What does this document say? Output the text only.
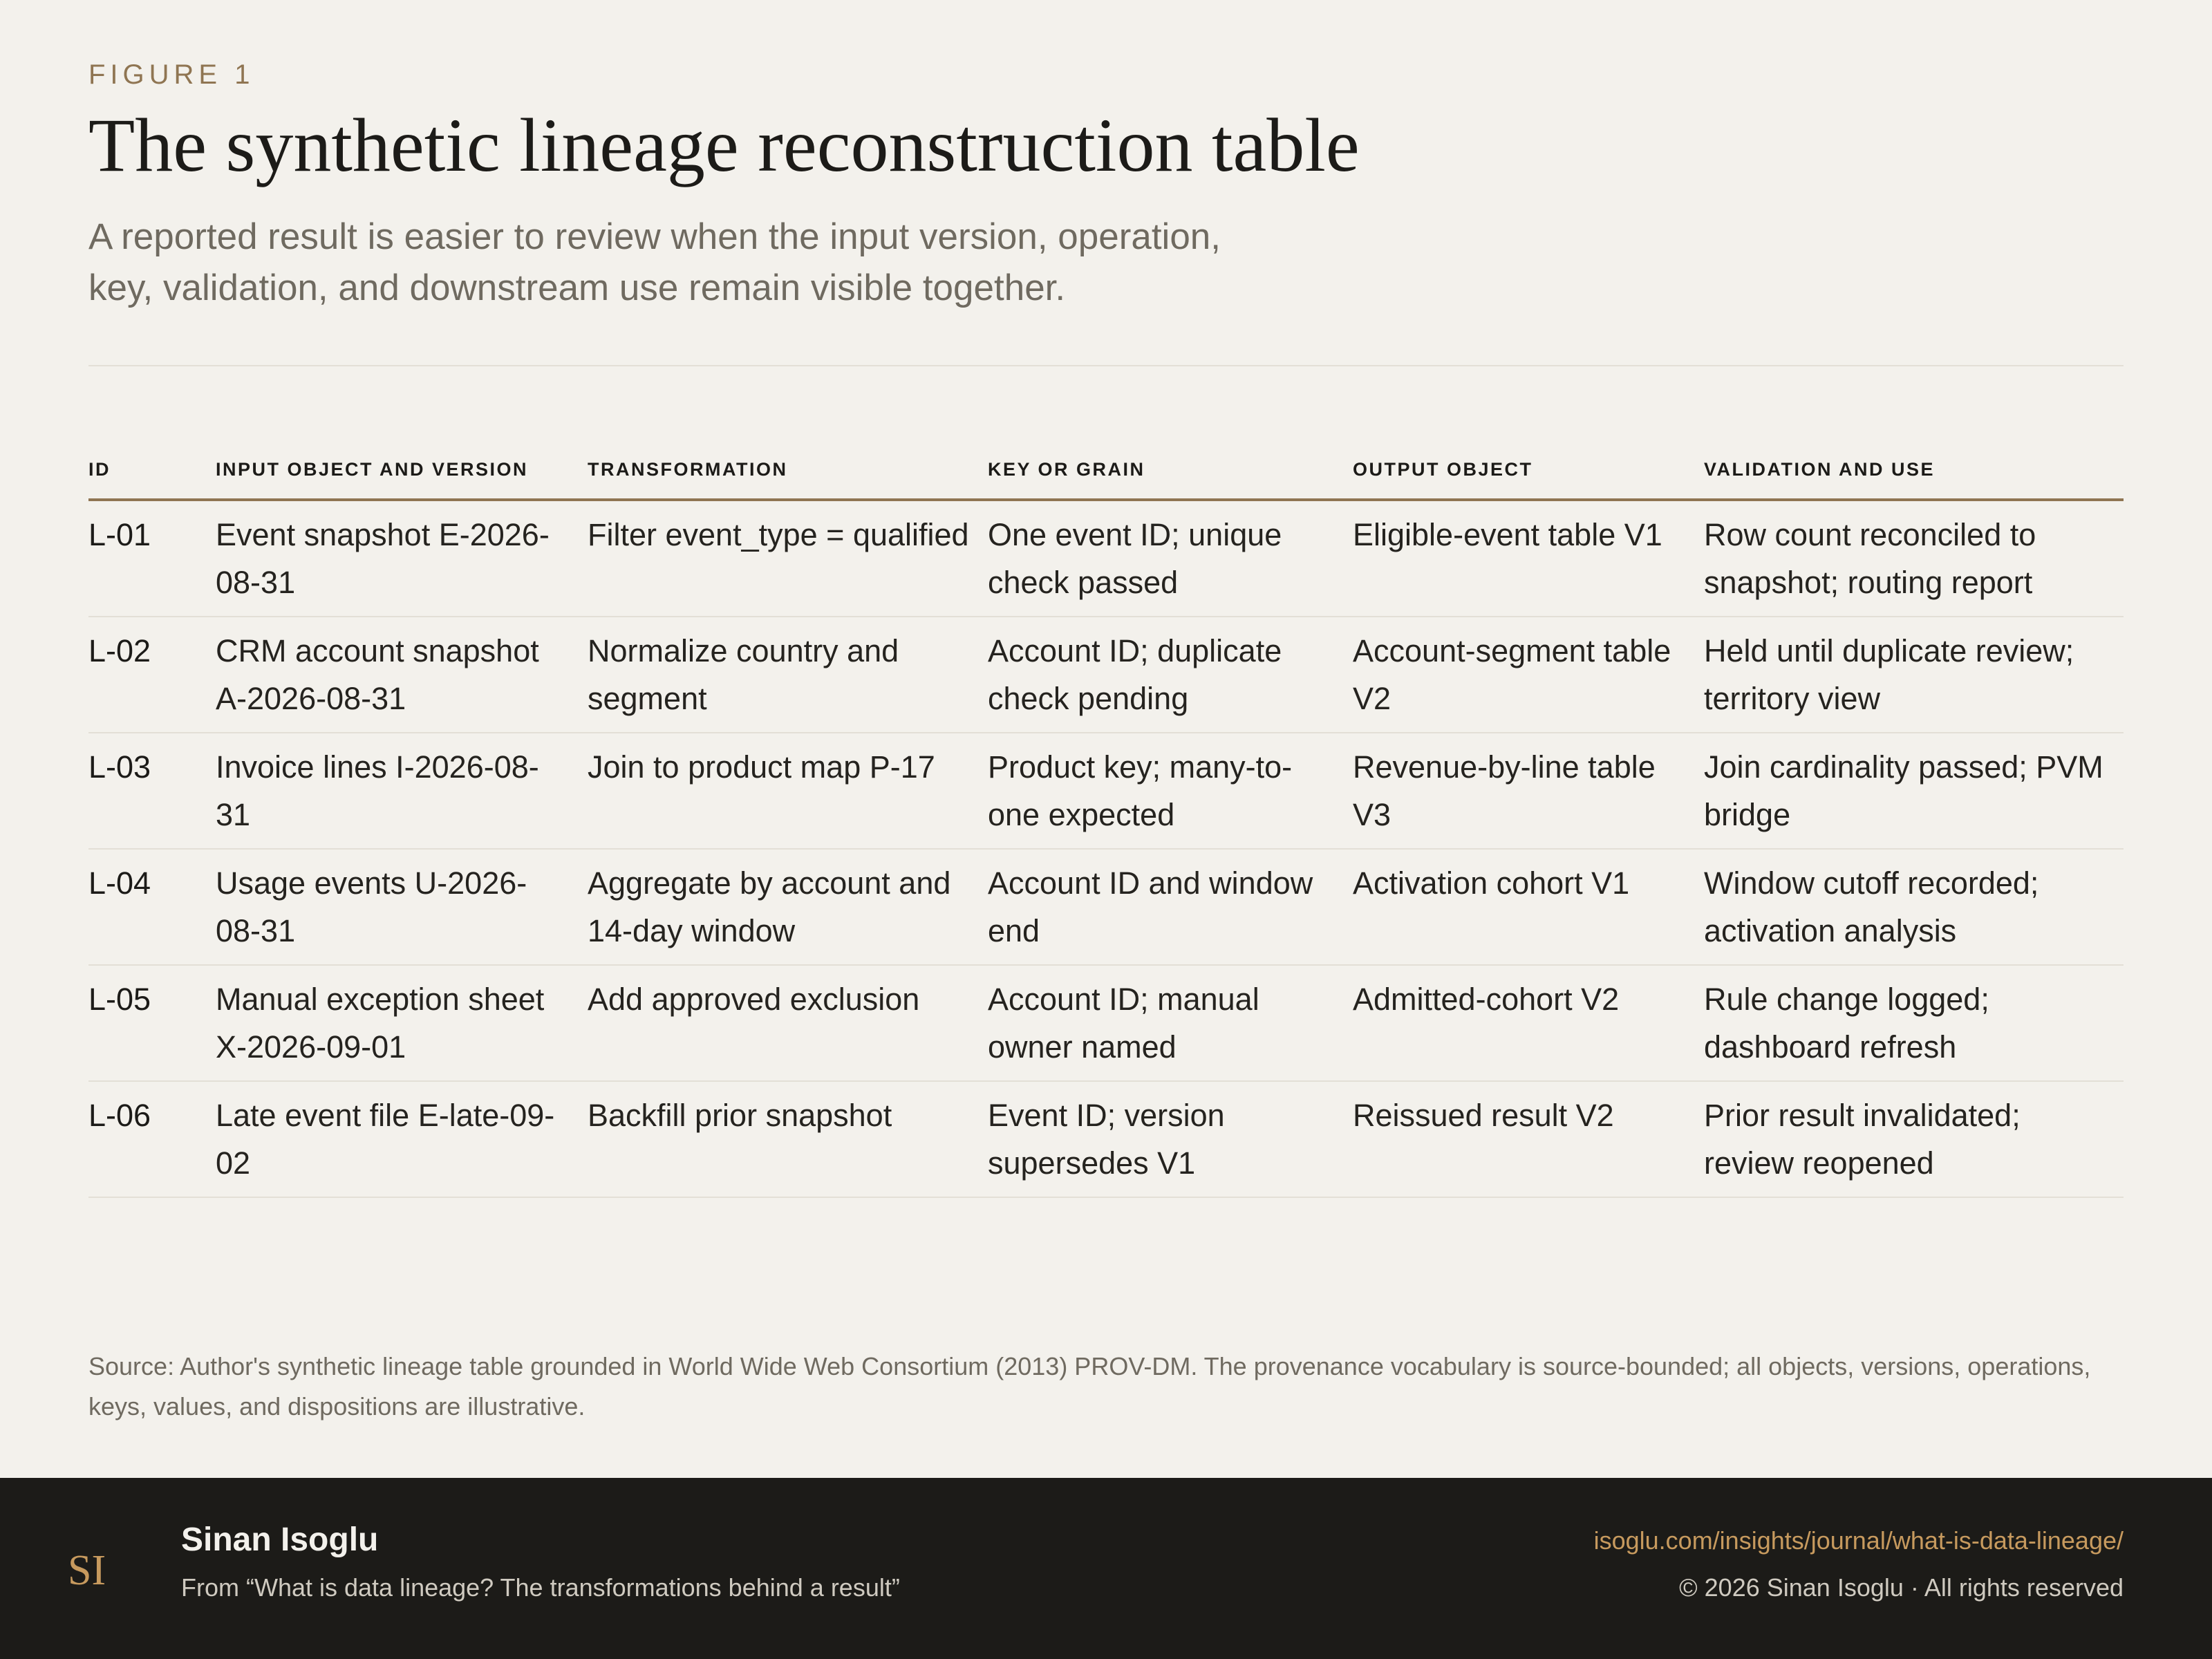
FIGURE 1
The synthetic lineage reconstruction table

A reported result is easier to review when the input version, operation, key, validation, and downstream use remain visible together.

ID	INPUT OBJECT AND VERSION	TRANSFORMATION	KEY OR GRAIN	OUTPUT OBJECT	VALIDATION AND USE
L-01	Event snapshot E-2026-08-31	Filter event_type = qualified	One event ID; unique check passed	Eligible-event table V1	Row count reconciled to snapshot; routing report
L-02	CRM account snapshot A-2026-08-31	Normalize country and segment	Account ID; duplicate check pending	Account-segment table V2	Held until duplicate review; territory view
L-03	Invoice lines I-2026-08-31	Join to product map P-17	Product key; many-to-one expected	Revenue-by-line table V3	Join cardinality passed; PVM bridge
L-04	Usage events U-2026-08-31	Aggregate by account and 14-day window	Account ID and window end	Activation cohort V1	Window cutoff recorded; activation analysis
L-05	Manual exception sheet X-2026-09-01	Add approved exclusion	Account ID; manual owner named	Admitted-cohort V2	Rule change logged; dashboard refresh
L-06	Late event file E-late-09-02	Backfill prior snapshot	Event ID; version supersedes V1	Reissued result V2	Prior result invalidated; review reopened

Source: Author's synthetic lineage table grounded in World Wide Web Consortium (2013) PROV-DM. The provenance vocabulary is source-bounded; all objects, versions, operations, keys, values, and dispositions are illustrative.

SI
Sinan Isoglu
From “What is data lineage? The transformations behind a result”
isoglu.com/insights/journal/what-is-data-lineage/
© 2026 Sinan Isoglu · All rights reserved
